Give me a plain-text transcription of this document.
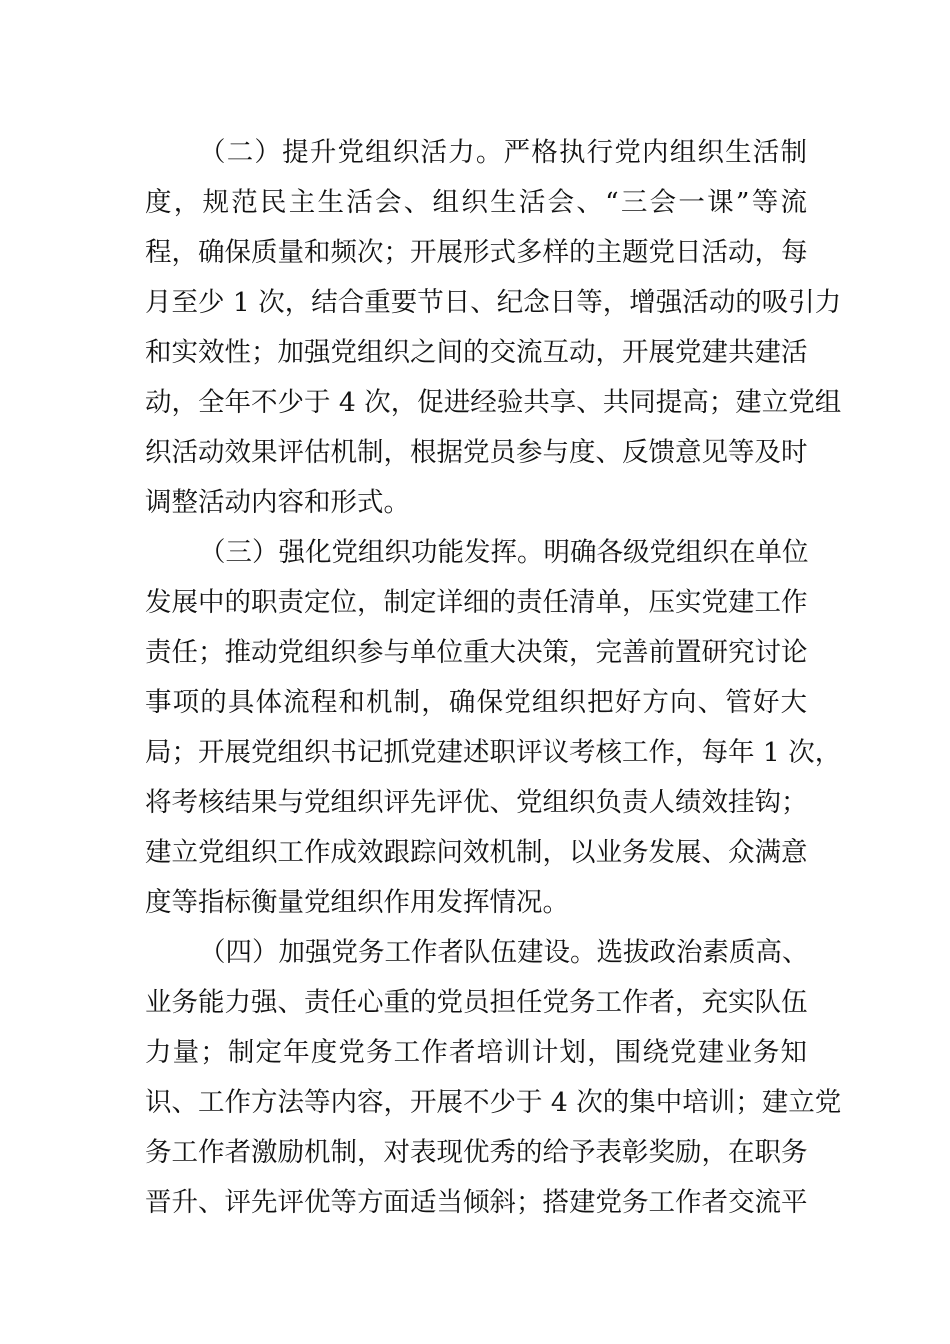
（二）提升党组织活力。严格执行党内组织生活制
度，规范民主生活会、组织生活会、“三会一课”等流
程，确保质量和频次；开展形式多样的主题党日活动，每
月至少 1 次，结合重要节日、纪念日等，增强活动的吸引力
和实效性；加强党组织之间的交流互动，开展党建共建活
动，全年不少于 4 次，促进经验共享、共同提高；建立党组
织活动效果评估机制，根据党员参与度、反馈意见等及时
调整活动内容和形式。
（三）强化党组织功能发挥。明确各级党组织在单位
发展中的职责定位，制定详细的责任清单，压实党建工作
责任；推动党组织参与单位重大决策，完善前置研究讨论
事项的具体流程和机制，确保党组织把好方向、管好大
局；开展党组织书记抓党建述职评议考核工作，每年 1 次，
将考核结果与党组织评先评优、党组织负责人绩效挂钩；
建立党组织工作成效跟踪问效机制，以业务发展、众满意
度等指标衡量党组织作用发挥情况。
（四）加强党务工作者队伍建设。选拔政治素质高、
业务能力强、责任心重的党员担任党务工作者，充实队伍
力量；制定年度党务工作者培训计划，围绕党建业务知
识、工作方法等内容，开展不少于 4 次的集中培训；建立党
务工作者激励机制，对表现优秀的给予表彰奖励，在职务
晋升、评先评优等方面适当倾斜；搭建党务工作者交流平
